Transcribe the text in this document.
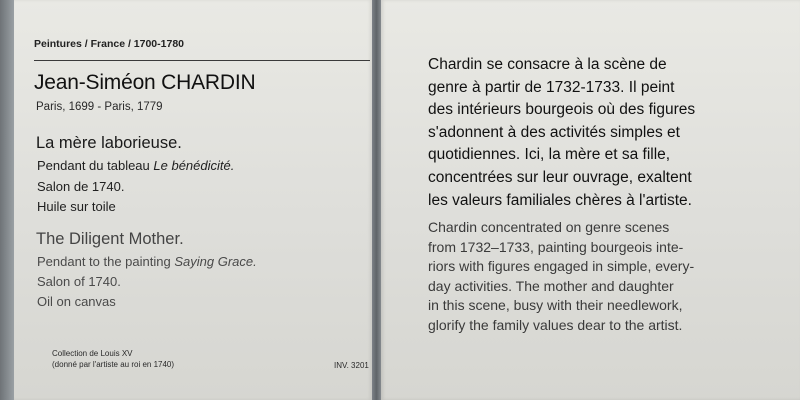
Peintures / France / 1700-1780

Jean-Siméon CHARDIN

Paris, 1699 - Paris, 1779

La mère laborieuse.

Pendant du tableau Le bénédicité.

Salon de 1740.

Huile sur toile

The Diligent Mother.

Pendant to the painting Saying Grace.

Salon of 1740.

Oil on canvas

Collection de Louis XV

(donné par l'artiste au roi en 1740)	INV. 3201

Chardin se consacre à la scène de
genre à partir de 1732-1733. Il peint
des intérieurs bourgeois où des figures
s'adonnent à des activités simples et
quotidiennes. Ici, la mère et sa fille,
concentrées sur leur ouvrage, exaltent
les valeurs familiales chères à l'artiste.
Chardin concentrated on genre scenes
from 1732–1733, painting bourgeois inte-
riors with figures engaged in simple, every-
day activities. The mother and daughter
in this scene, busy with their needlework,
glorify the family values dear to the artist.
